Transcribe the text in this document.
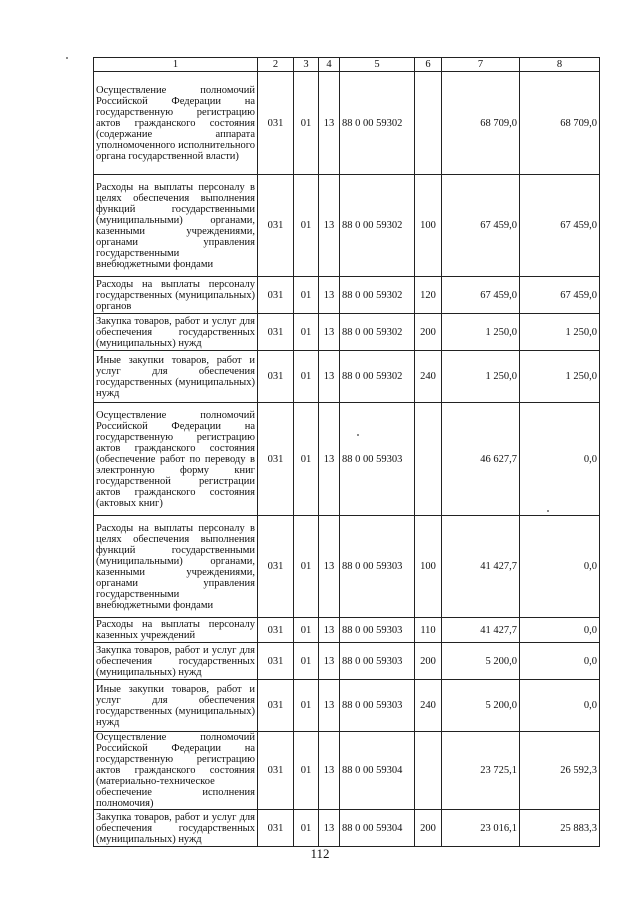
1	2	3	4	5	6	7	8
Осуществление полномочий Российской Федерации на государственную регистрацию актов гражданского состояния (содержание аппарата уполномоченного исполнительного органа государственной власти)	031	01	13	88 0 00 59302		68 709,0	68 709,0
Расходы на выплаты персоналу в целях обеспечения выполнения функций государственными (муниципальными) органами, казенными учреждениями, органами управления государственными внебюджетными фондами	031	01	13	88 0 00 59302	100	67 459,0	67 459,0
Расходы на выплаты персоналу государственных (муниципальных) органов	031	01	13	88 0 00 59302	120	67 459,0	67 459,0
Закупка товаров, работ и услуг для обеспечения государственных (муниципальных) нужд	031	01	13	88 0 00 59302	200	1 250,0	1 250,0
Иные закупки товаров, работ и услуг для обеспечения государственных (муниципальных) нужд	031	01	13	88 0 00 59302	240	1 250,0	1 250,0
Осуществление полномочий Российской Федерации на государственную регистрацию актов гражданского состояния (обеспечение работ по переводу в электронную форму книг государственной регистрации актов гражданского состояния (актовых книг)	031	01	13	88 0 00 59303		46 627,7	0,0
Расходы на выплаты персоналу в целях обеспечения выполнения функций государственными (муниципальными) органами, казенными учреждениями, органами управления государственными внебюджетными фондами	031	01	13	88 0 00 59303	100	41 427,7	0,0
Расходы на выплаты персоналу казенных учреждений	031	01	13	88 0 00 59303	110	41 427,7	0,0
Закупка товаров, работ и услуг для обеспечения государственных (муниципальных) нужд	031	01	13	88 0 00 59303	200	5 200,0	0,0
Иные закупки товаров, работ и услуг для обеспечения государственных (муниципальных) нужд	031	01	13	88 0 00 59303	240	5 200,0	0,0
Осуществление полномочий Российской Федерации на государственную регистрацию актов гражданского состояния (материально-техническое обеспечение исполнения полномочия)	031	01	13	88 0 00 59304		23 725,1	26 592,3
Закупка товаров, работ и услуг для обеспечения государственных (муниципальных) нужд	031	01	13	88 0 00 59304	200	23 016,1	25 883,3
112
